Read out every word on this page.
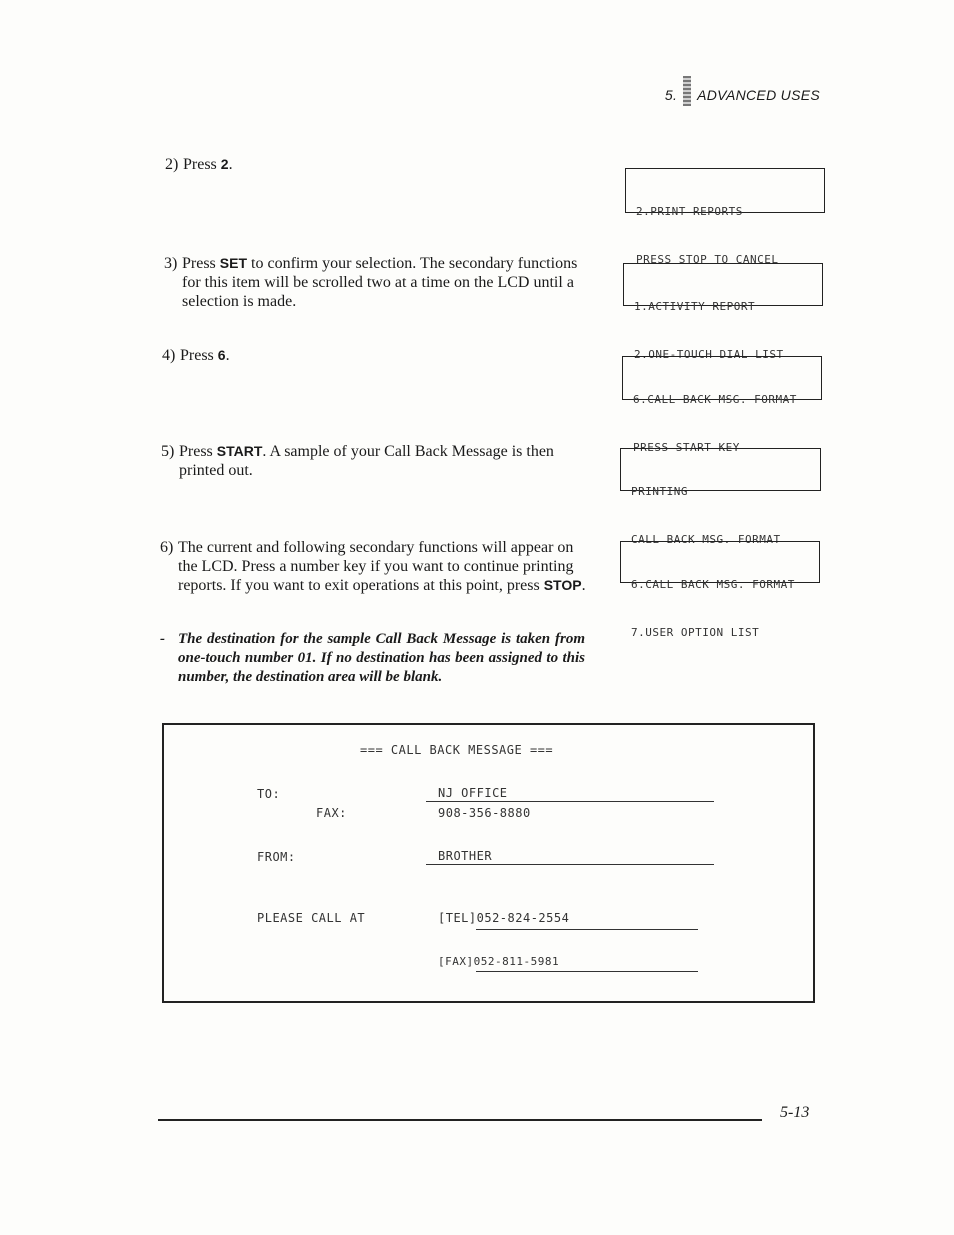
5. ADVANCED USES
2) Press 2.
3) Press SET to confirm your selection. The secondary functions for this item will be scrolled two at a time on the LCD until a selection is made.
4) Press 6.
5) Press START. A sample of your Call Back Message is then printed out.
6) The current and following secondary functions will appear on the LCD. Press a number key if you want to continue printing reports. If you want to exit operations at this point, press STOP.

2.PRINT REPORTS

PRESS STOP TO CANCEL

1.ACTIVITY REPORT

2.ONE-TOUCH DIAL LIST

6.CALL BACK MSG. FORMAT

PRESS START KEY

PRINTING

CALL BACK MSG. FORMAT

6.CALL BACK MSG. FORMAT

7.USER OPTION LIST

- The destination for the sample Call Back Message is taken from one-touch number 01. If no destination has been assigned to this number, the destination area will be blank.
=== CALL BACK MESSAGE ===
TO:	NJ OFFICE
FAX:	908-356-8880
FROM:	BROTHER
PLEASE CALL AT	[TEL]052-824-2554
[FAX]052-811-5981
5-13
